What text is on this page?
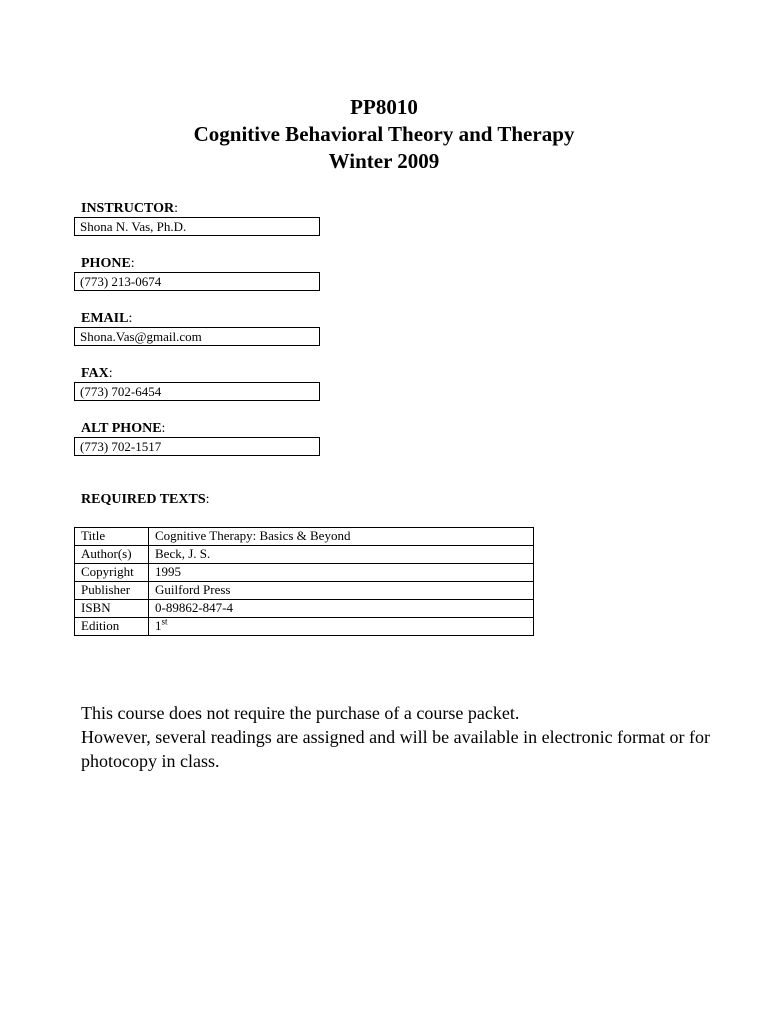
PP8010
Cognitive Behavioral Theory and Therapy
Winter 2009
INSTRUCTOR:
Shona N. Vas, Ph.D.
PHONE:
(773) 213-0674
EMAIL:
Shona.Vas@gmail.com
FAX:
(773) 702-6454
ALT PHONE:
(773) 702-1517
REQUIRED TEXTS:
Title	Cognitive Therapy: Basics & Beyond
Author(s)	Beck, J. S.
Copyright	1995
Publisher	Guilford Press
ISBN	0-89862-847-4
Edition	1st
This course does not require the purchase of a course packet.
However, several readings are assigned and will be available in electronic format or for photocopy in class.
